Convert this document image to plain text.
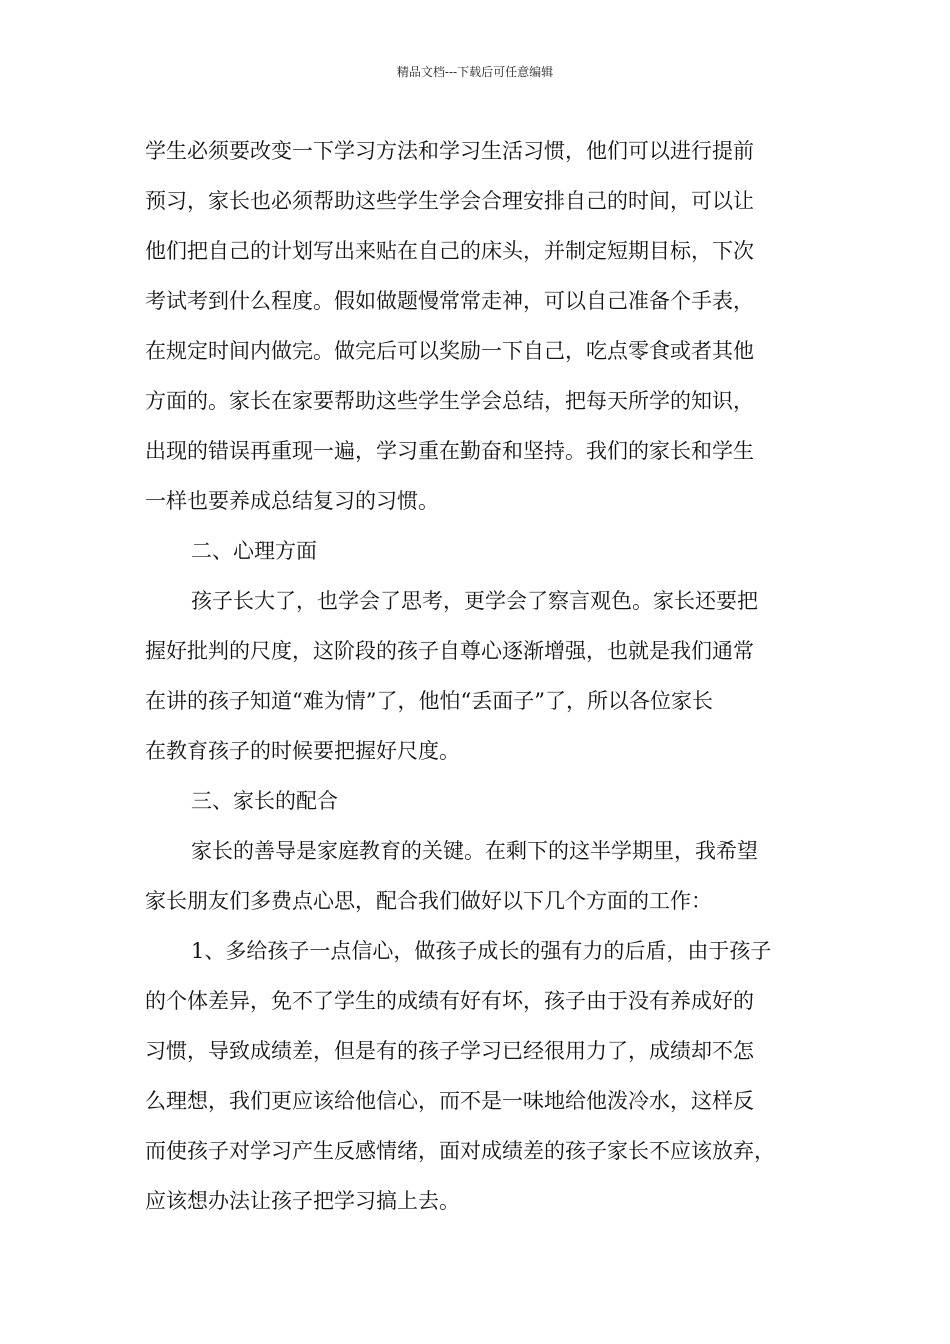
精品文档---下载后可任意编辑
学生必须要改变一下学习方法和学习生活习惯，他们可以进行提前
预习，家长也必须帮助这些学生学会合理安排自己的时间，可以让
他们把自己的计划写出来贴在自己的床头，并制定短期目标，下次
考试考到什么程度。假如做题慢常常走神，可以自己准备个手表，
在规定时间内做完。做完后可以奖励一下自己，吃点零食或者其他
方面的。家长在家要帮助这些学生学会总结，把每天所学的知识，
出现的错误再重现一遍，学习重在勤奋和坚持。我们的家长和学生
一样也要养成总结复习的习惯。
二、心理方面
孩子长大了，也学会了思考，更学会了察言观色。家长还要把
握好批判的尺度，这阶段的孩子自尊心逐渐增强，也就是我们通常
在讲的孩子知道“难为情”了，他怕“丢面子”了，所以各位家长
在教育孩子的时候要把握好尺度。
三、家长的配合
家长的善导是家庭教育的关键。在剩下的这半学期里，我希望
家长朋友们多费点心思，配合我们做好以下几个方面的工作：
1、多给孩子一点信心，做孩子成长的强有力的后盾，由于孩子
的个体差异，免不了学生的成绩有好有坏，孩子由于没有养成好的
习惯，导致成绩差，但是有的孩子学习已经很用力了，成绩却不怎
么理想，我们更应该给他信心，而不是一味地给他泼冷水，这样反
而使孩子对学习产生反感情绪，面对成绩差的孩子家长不应该放弃，
应该想办法让孩子把学习搞上去。
